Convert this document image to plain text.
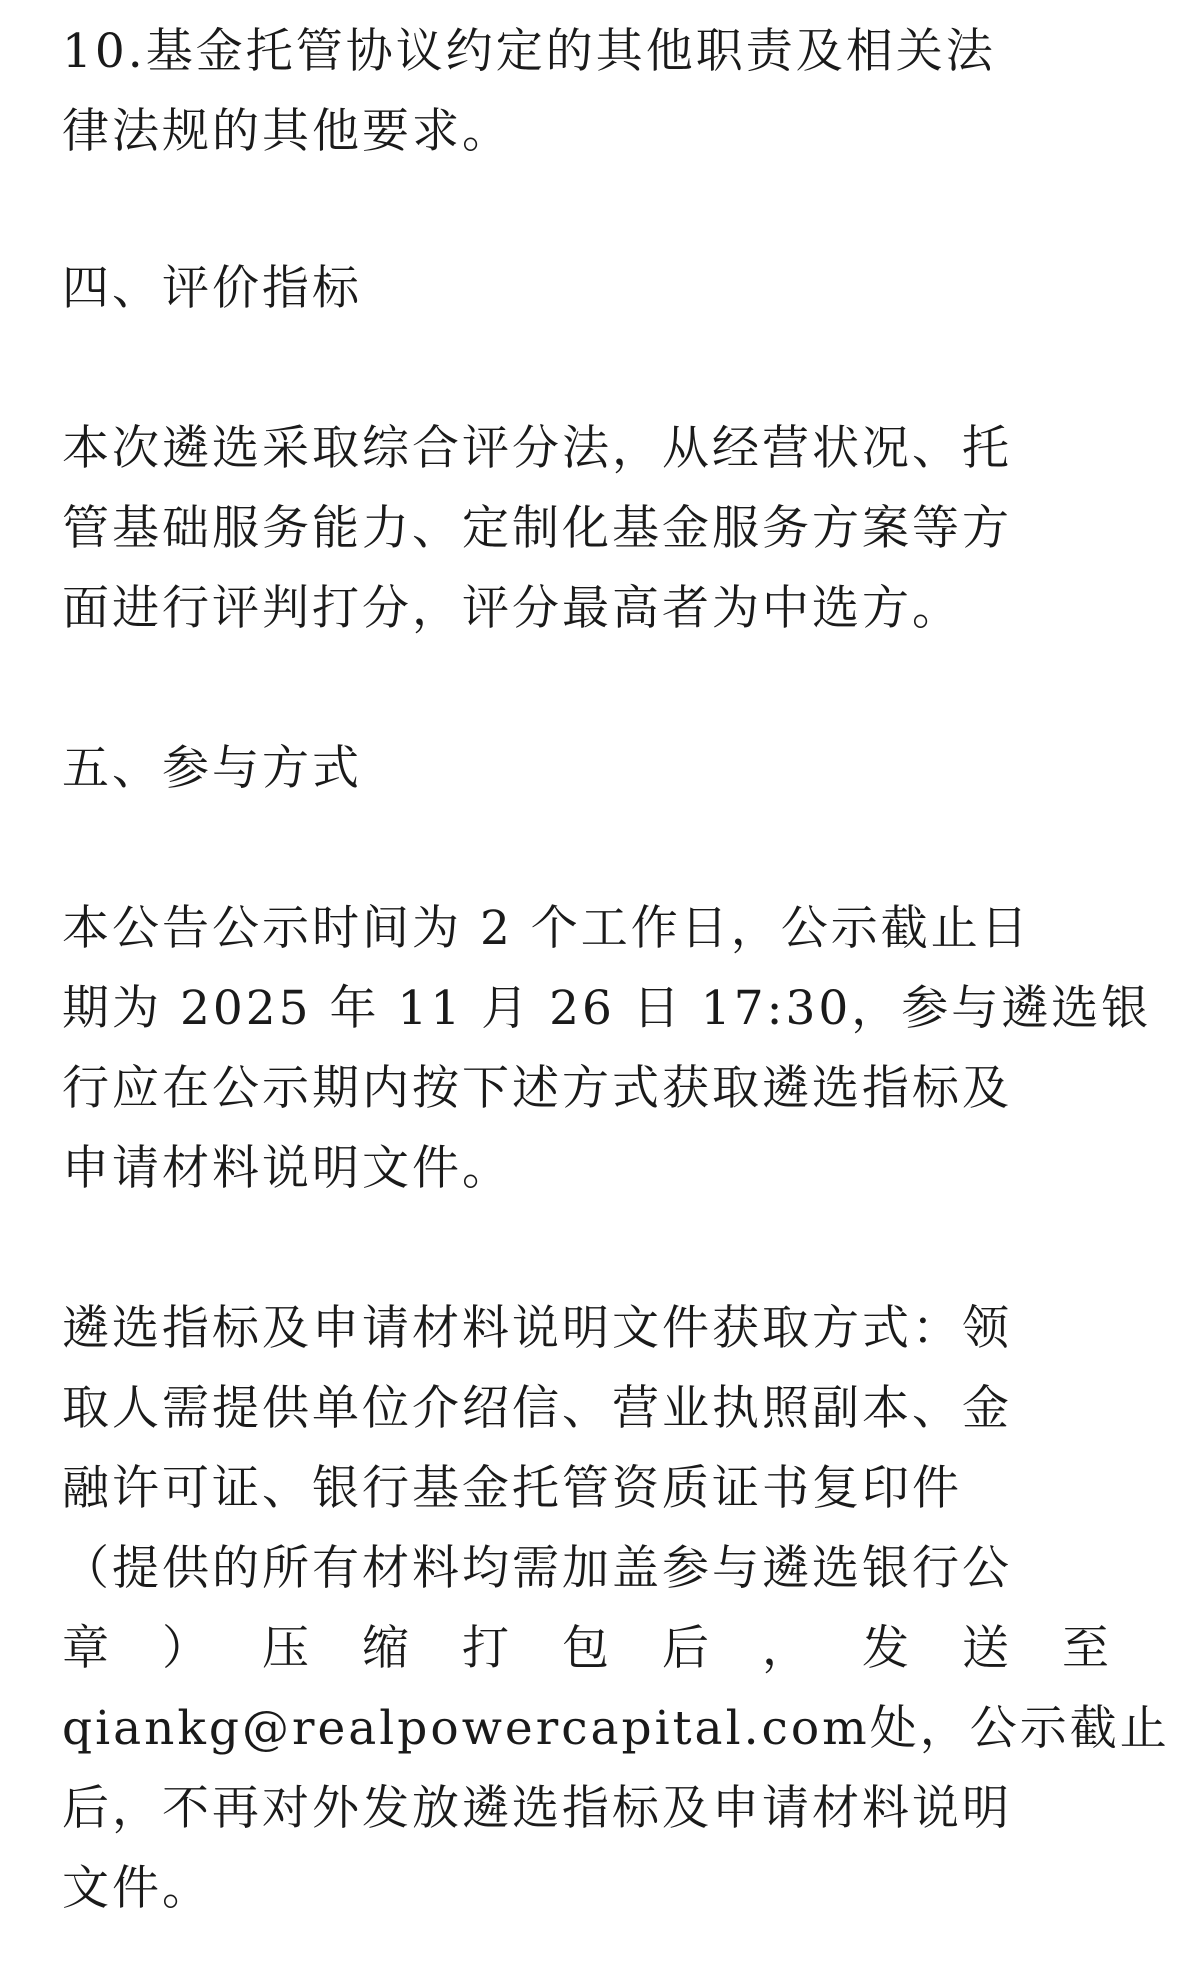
10.基金托管协议约定的其他职责及相关法
律法规的其他要求。
四、评价指标
本次遴选采取综合评分法，从经营状况、托
管基础服务能力、定制化基金服务方案等方
面进行评判打分，评分最高者为中选方。
五、参与方式
本公告公示时间为 2 个工作日，公示截止日
期为 2025 年 11 月 26 日 17:30，参与遴选银
行应在公示期内按下述方式获取遴选指标及
申请材料说明文件。
遴选指标及申请材料说明文件获取方式：领
取人需提供单位介绍信、营业执照副本、金
融许可证、银行基金托管资质证书复印件
（提供的所有材料均需加盖参与遴选银行公
章 ） 压 缩 打 包 后 ， 发 送 至
qiankg@realpowercapital.com处，公示截止
后，不再对外发放遴选指标及申请材料说明
文件。
